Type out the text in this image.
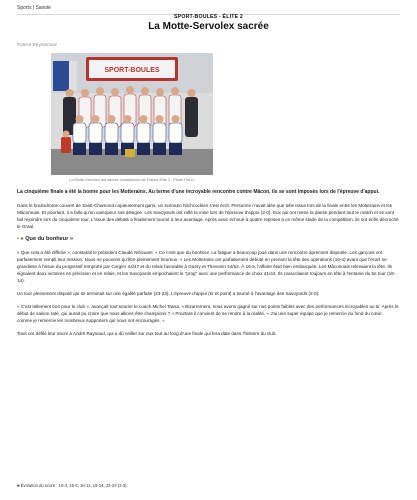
Sports | Savoie
SPORT-BOULES - ÉLITE 2
La Motte-Servolex sacrée
Patrice Deymonnaz
SPORT-BOULES
La Motte-Servolex est sacrée championne de France Élite 2 . Photo Pat D.

La cinquième finale a été la bonne pour les Motterains. Au terme d'une incroyable rencontre contre Mâcon, ils se sont imposés lors de l'épreuve d'appui.

Dans le boulodrome couvert de Saint-Chamond copieusement garni, un scénario hitchcockien s'est écrit. Personne n'avait idée que telle issue lors de la finale entre les Motterains et les Mâconnais. Et pourtant, il a fallu qu'un vainqueur soit désigné. Les Savoyards ont raflé la mise lors de l'épreuve d'appui (2-0). Eux qui ont mené la danse pendant tout le match et se sont fait rejoindre lors du cinquième tour. L'issue des débats a finalement tourné à leur avantage. Après avoir échoué à quatre reprises à ce même stade de la compétition, ils ont enfin décroché le Graal.

• « Que du bonheur »

« Que cela a été difficile », constatait le président Claude Nihouam. « Ce n'est que du bonheur. La fatigue a beaucoup joué dans une rencontre âprement disputée. Les garçons ont parfaitement rempli leur mission. Nous ne pouvons qu'être pleinement heureux. » Les Motterains ont parfaitement débuté en prenant la tête des opérations (10-4) avant que l'écart ne grandisse à l'issue du progressif remporté par Corgier 44/47 et du relais favorable à Guéry et Thevenin 44/52. À 16-5, l'affaire était bien embarquée. Les Mâconnais relevaient la tête. Ils signaient deux victoires en précision et en relais, et les Savoyards empochaient le "prog" avec une performance de choix 41/44. Ils caracolaient toujours en tête à l'entame du 5e tour (19-14).

Un tour pleinement disputé qui se terminait sur une égalité parfaite (23-23). L'épreuve d'appui (tir et point) a tourné à l'avantage des Savoyards (2-0).

« C'est tellement bon pour le club », avançait tout sourire le coach Michel Tassa. « Bizarrement, nous avons gagné sur nos points faibles avec des performances incroyables au tir. Après le début de saison raté, qui aurait pu croire que nous allions être champions ? » Pourtant il convient de se rendre à la réalité. « J'ai une super équipe que je remercie du fond du cœur, comme je remercie les nombreux supporters qui nous ont encouragés. »

Tous ont défilé leur sacre à André Raynaud, qui a dû veiller sur eux tout au long d'une finale qui fera date dans l'histoire du club.

■ Évolution du score : 10-4, 16-5, 18-11, 19-14, 23-23 (2-0).
